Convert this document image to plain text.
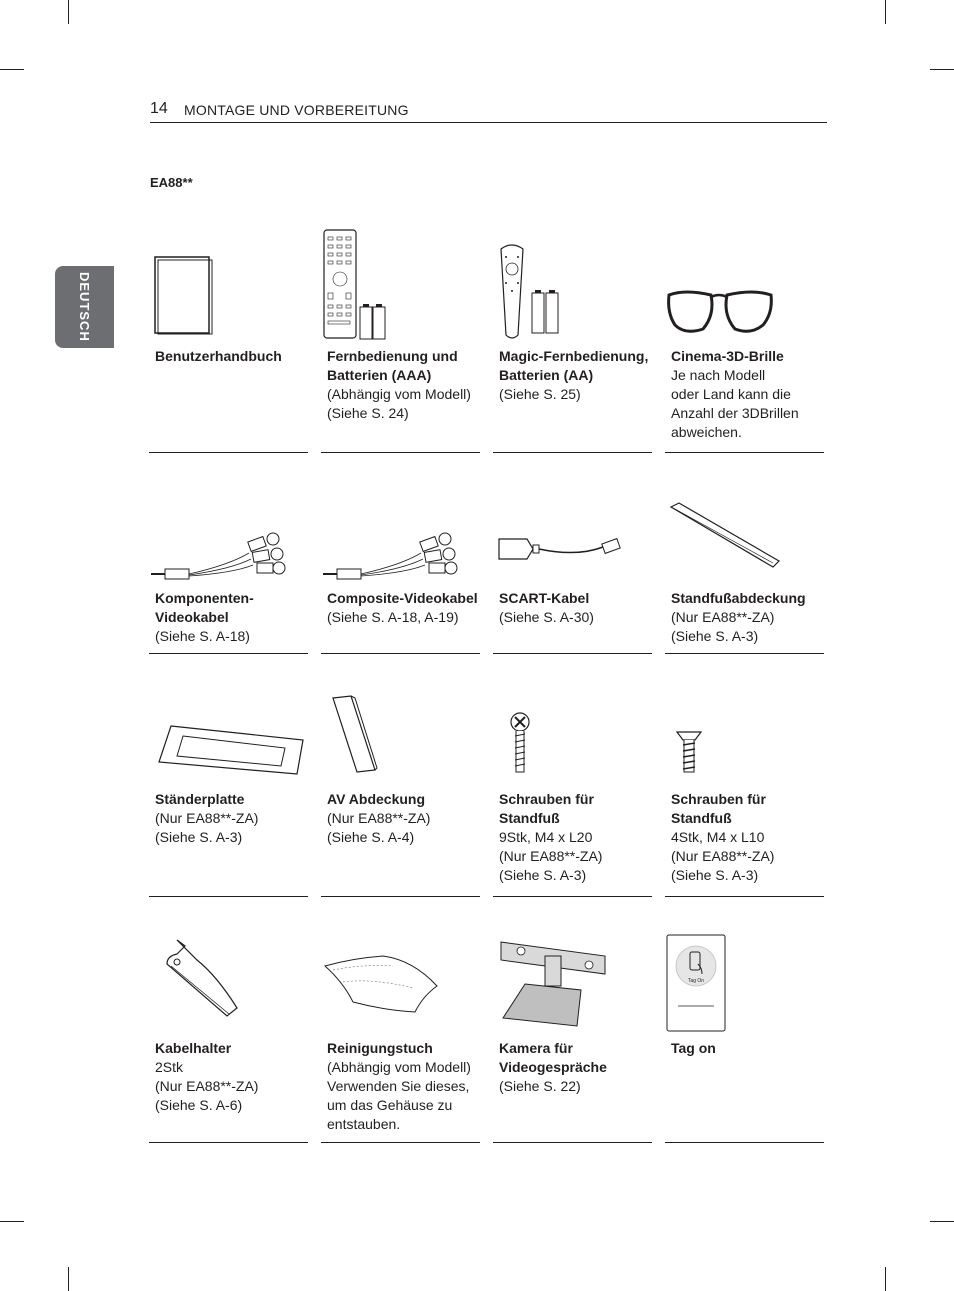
14 MONTAGE UND VORBEREITUNG
DEUTSCH
EA88**
Benutzerhandbuch	Fernbedienung und Batterien (AAA)
(Abhängig vom Modell)
(Siehe S. 24)
Magic-Fernbedienung, Batterien (AA)
(Siehe S. 25)
Cinema-3D-Brille
Je nach Modell
oder Land kann die
Anzahl der 3DBrillen
abweichen.
Komponenten-Videokabel
(Siehe S. A-18)
Composite-Videokabel
(Siehe S. A-18, A-19)
SCART-Kabel
(Siehe S. A-30)
Standfußabdeckung
(Nur EA88**-ZA)
(Siehe S. A-3)
Ständerplatte
(Nur EA88**-ZA)
(Siehe S. A-3)
AV Abdeckung
(Nur EA88**-ZA)
(Siehe S. A-4)
Schrauben für Standfuß
9Stk, M4 x L20
(Nur EA88**-ZA)
(Siehe S. A-3)
Schrauben für Standfuß
4Stk, M4 x L10
(Nur EA88**-ZA)
(Siehe S. A-3)
Kabelhalter
2Stk
(Nur EA88**-ZA)
(Siehe S. A-6)
Reinigungstuch
(Abhängig vom Modell)
Verwenden Sie dieses,
um das Gehäuse zu
entstauben.
Kamera für Videogespräche
(Siehe S. 22)
Tag On
Tag on
